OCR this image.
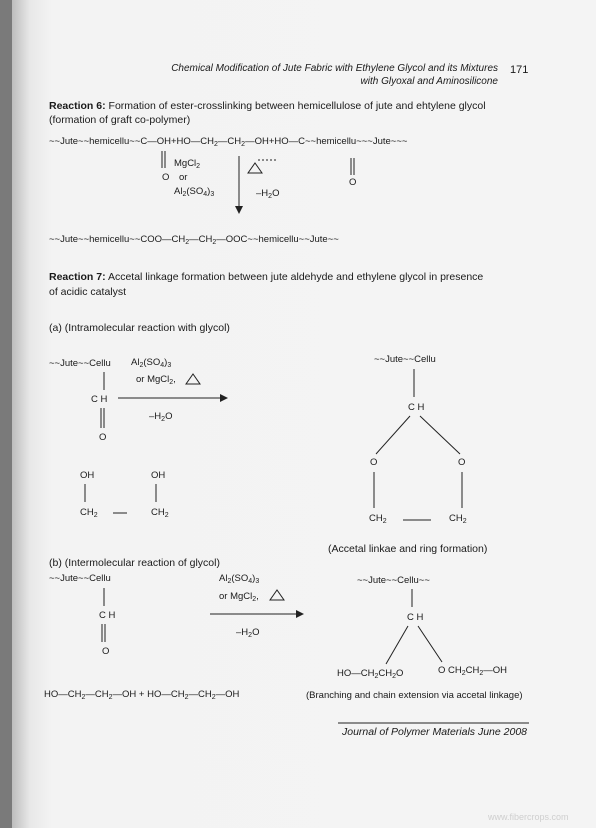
Chemical Modification of Jute Fabric with Ethylene Glycol and its Mixtures
with Glyoxal and Aminosilicone
171
Reaction 6: Formation of ester-crosslinking between hemicellulose of jute and ehtylene glycol
(formation of graft co-polymer)
$\sim\sim Jute\sim\sim hemicellu\sim\sim C—OH+HO—CH_2—CH_2—OH+HO—C\sim\sim hemicellu\sim\sim\sim Jute\sim\sim\sim$
O or	O
MgCl$_2$
$Al_2(SO_4)_3$	$-H_2O$
$\sim\sim Jute\sim\sim hemicellu\sim\sim COO—CH_2—CH_2—OOC\sim\sim hemicellu\sim\sim Jute\sim\sim$
Reaction 7: Accetal linkage formation between jute aldehyde and ethylene glycol in presence
of acidic catalyst
(a) (Intramolecular reaction with glycol)
~~Jute~~Cellu $Al_2(SO_4)_3$
or MgCl$_2$,
C H
O
$-H_2O$
OH	OH
$CH_2$	$CH_2$
~~Jute~~Cellu
C H
O	O
$CH_2$	$CH_2$
(Accetal linkae and ring formation)
(b) (Intermolecular reaction of glycol)
~~Jute~~Cellu	$Al_2(SO_4)_3$
or MgCl$_2$,
C H
O
$-H_2O$
$HO—CH_2—CH_2—OH$ + $HO—CH_2—CH_2—OH$
~~Jute~~Cellu~~
C H
$HO—CH_2CH_2O$	O $CH_2CH_2—OH$
(Branching and chain extension via accetal linkage)
Journal of Polymer Materials June 2008
www.fibercrops.com
